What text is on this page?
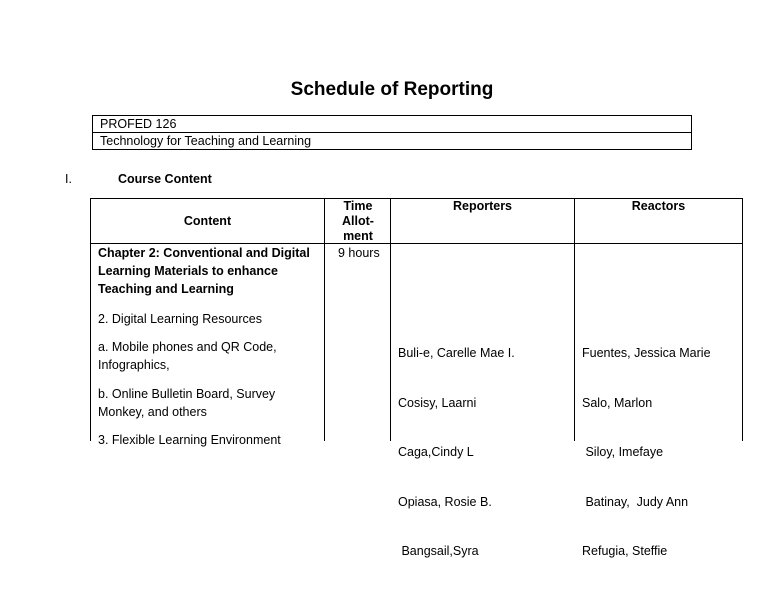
Schedule of Reporting
PROFED 126
Technology for Teaching and Learning
I.	Course Content
Content
Time Allot-ment
Reporters	Reactors
Chapter 2: Conventional and Digital Learning Materials to enhance Teaching and Learning
2. Digital Learning Resources
a. Mobile phones and QR Code, Infographics,
b. Online Bulletin Board, Survey Monkey, and others
3. Flexible Learning Environment
9 hours

Buli-e, Carelle Mae I.

Cosisy, Laarni

Caga,Cindy L

Opiasa, Rosie B.

Bangsail,Syra

Fuentes, Jessica Marie

Salo, Marlon

Siloy, Imefaye

Batinay,  Judy Ann

Refugia, Steffie
